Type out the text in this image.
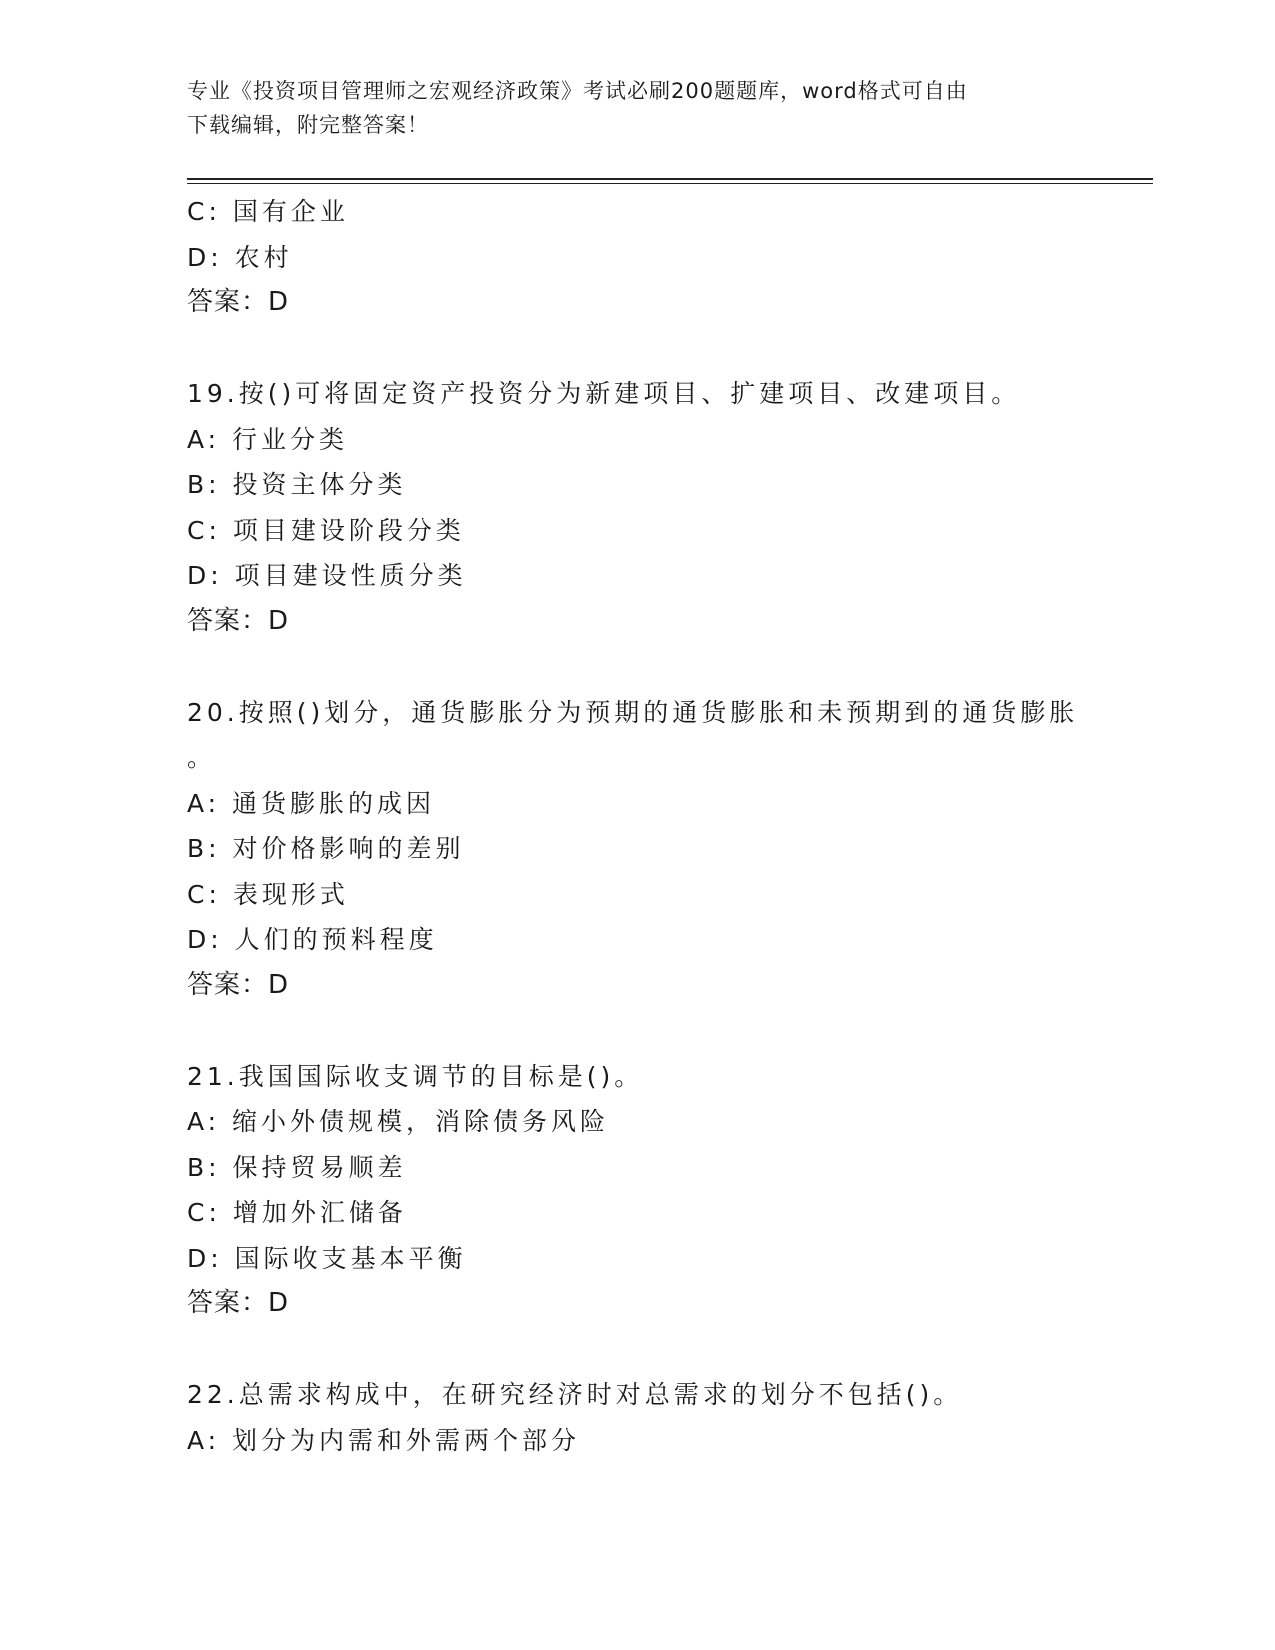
专业《投资项目管理师之宏观经济政策》考试必刷200题题库，word格式可自由
下载编辑，附完整答案！
C: 国有企业
D: 农村
答案：D
19.按()可将固定资产投资分为新建项目、扩建项目、改建项目。
A: 行业分类
B: 投资主体分类
C: 项目建设阶段分类
D: 项目建设性质分类
答案：D
20.按照()划分，通货膨胀分为预期的通货膨胀和未预期到的通货膨胀
。
A: 通货膨胀的成因
B: 对价格影响的差别
C: 表现形式
D: 人们的预料程度
答案：D
21.我国国际收支调节的目标是()。
A: 缩小外债规模，消除债务风险
B: 保持贸易顺差
C: 增加外汇储备
D: 国际收支基本平衡
答案：D
22.总需求构成中，在研究经济时对总需求的划分不包括()。
A: 划分为内需和外需两个部分
